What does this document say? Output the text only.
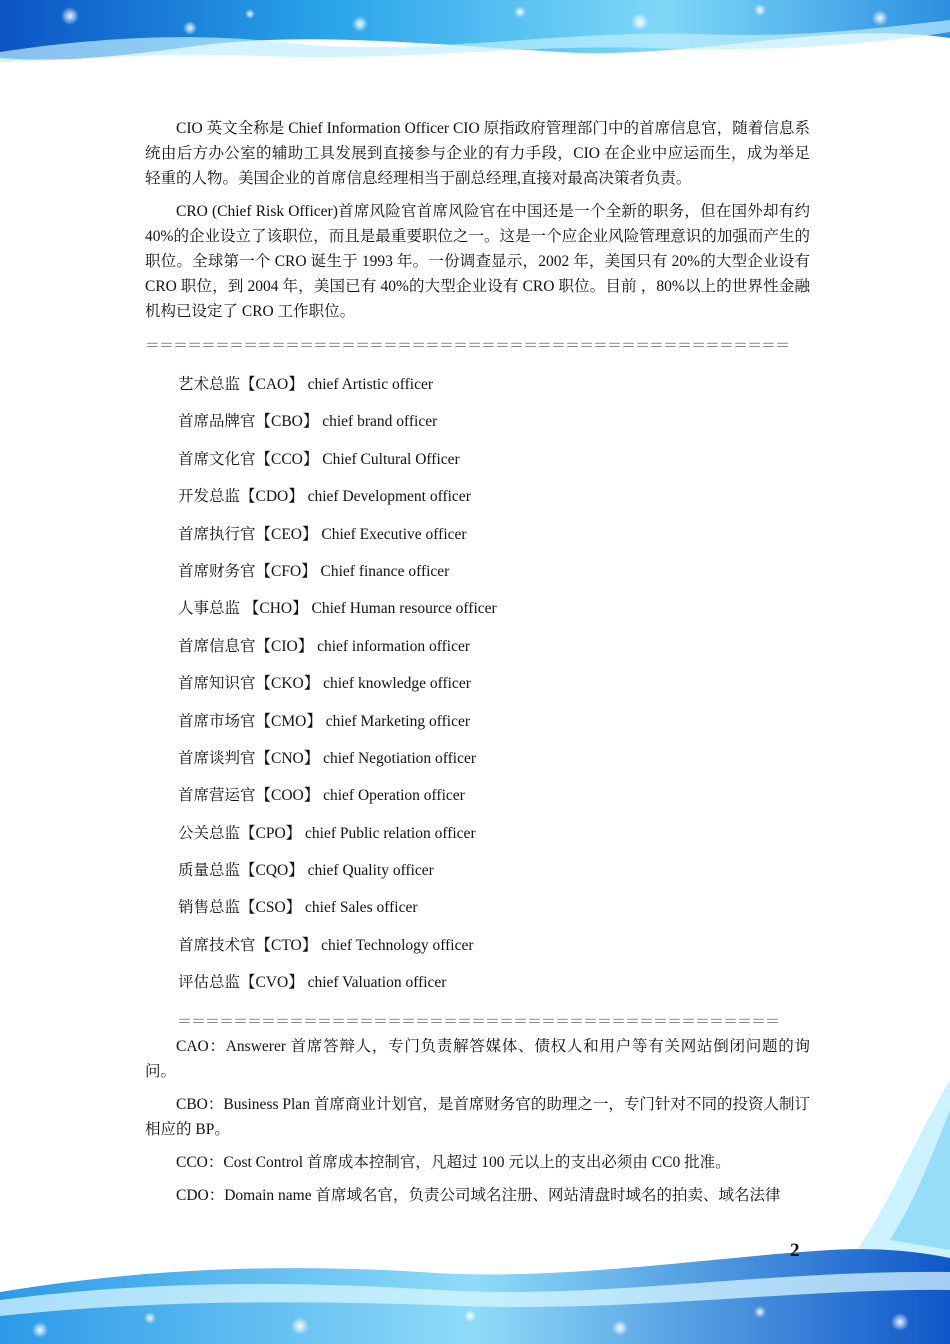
CIO 英文全称是 Chief Information Officer CIO 原指政府管理部门中的首席信息官，随着信息系统由后方办公室的辅助工具发展到直接参与企业的有力手段，CIO 在企业中应运而生，成为举足轻重的人物。美国企业的首席信息经理相当于副总经理,直接对最高决策者负责。

CRO (Chief Risk Officer)首席风险官首席风险官在中国还是一个全新的职务，但在国外却有约 40%的企业设立了该职位，而且是最重要职位之一。这是一个应企业风险管理意识的加强而产生的职位。全球第一个 CRO 诞生于 1993 年。一份调查显示，2002 年，美国只有 20%的大型企业设有 CRO 职位，到 2004 年，美国已有 40%的大型企业设有 CRO 职位。目前 ，80%以上的世界性金融机构已设定了 CRO 工作职位。

＝＝＝＝＝＝＝＝＝＝＝＝＝＝＝＝＝＝＝＝＝＝＝＝＝＝＝＝＝＝＝＝＝＝＝＝＝＝＝＝＝＝＝＝＝＝
艺术总监【CAO】 chief Artistic officer
首席品牌官【CBO】 chief brand officer
首席文化官【CCO】 Chief Cultural Officer
开发总监【CDO】 chief Development officer
首席执行官【CEO】 Chief Executive officer
首席财务官【CFO】 Chief finance officer
人事总监 【CHO】 Chief Human resource officer
首席信息官【CIO】 chief information officer
首席知识官【CKO】 chief knowledge officer
首席市场官【CMO】 chief Marketing officer
首席谈判官【CNO】 chief Negotiation officer
首席营运官【COO】 chief Operation officer
公关总监【CPO】 chief Public relation officer
质量总监【CQO】 chief Quality officer
销售总监【CSO】 chief Sales officer
首席技术官【CTO】 chief Technology officer
评估总监【CVO】 chief Valuation officer
＝＝＝＝＝＝＝＝＝＝＝＝＝＝＝＝＝＝＝＝＝＝＝＝＝＝＝＝＝＝＝＝＝＝＝＝＝＝＝＝＝＝＝

CAO：Answerer 首席答辩人，专门负责解答媒体、债权人和用户等有关网站倒闭问题的询问。

CBO：Business Plan 首席商业计划官，是首席财务官的助理之一，专门针对不同的投资人制订相应的 BP。

CCO：Cost Control 首席成本控制官，凡超过 100 元以上的支出必须由 CC0 批准。

CDO：Domain name 首席域名官，负责公司域名注册、网站清盘时域名的拍卖、域名法律

2
